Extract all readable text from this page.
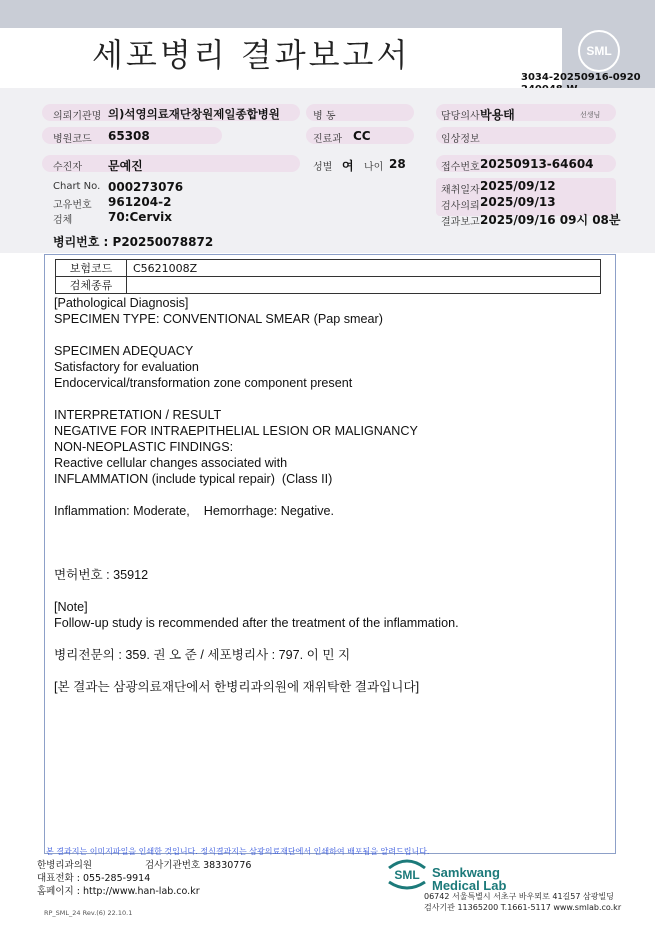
세포병리 결과보고서	SML
3034-20250916-0920
의뢰기관명 의)석영의료재단창원제일종합병원	병 동	담당의사 박용태	선생님
병원코드 65308	진료과 CC	임상정보
수진자 문예진	성별 여 나이 28	접수번호 20250913-64604
Chart No. 000273076
고유번호 961204-2
검체	70:Cervix
채취일자 2025/09/12
검사의뢰 2025/09/13
결과보고 2025/09/16 09시 08분
병리번호 : P20250078872
보험코드	C5621008Z
검체종류	
[Pathological Diagnosis]
SPECIMEN TYPE: CONVENTIONAL SMEAR (Pap smear)
SPECIMEN ADEQUACY
Satisfactory for evaluation
Endocervical/transformation zone component present
INTERPRETATION / RESULT
NEGATIVE FOR INTRAEPITHELIAL LESION OR MALIGNANCY
NON-NEOPLASTIC FINDINGS:
Reactive cellular changes associated with
INFLAMMATION (include typical repair)  (Class II)
Inflammation: Moderate,    Hemorrhage: Negative.
면허번호 : 35912
[Note]
Follow-up study is recommended after the treatment of the inflammation.
병리전문의 : 359. 권 오 준 / 세포병리사 : 797. 이 민 지
[본 결과는 삼광의료재단에서 한병리과의원에 재위탁한 결과입니다]
본 결과지는 이미지파일을 인쇄한 것입니다. 정식결과지는 삼광의료재단에서 인쇄하여 배포됨을 알려드립니다.
한병리과의원	검사기관번호 38330776
대표전화 : 055-285-9914
홈페이지 : http://www.han-lab.co.kr
RP_SML_24 Rev.(6) 22.10.1
SML Samkwang
Medical Lab
06742 서울특별시 서초구 바우뫼로 41길57 삼광빌딩
검사기관 11365200 T.1661-5117 www.smlab.co.kr
